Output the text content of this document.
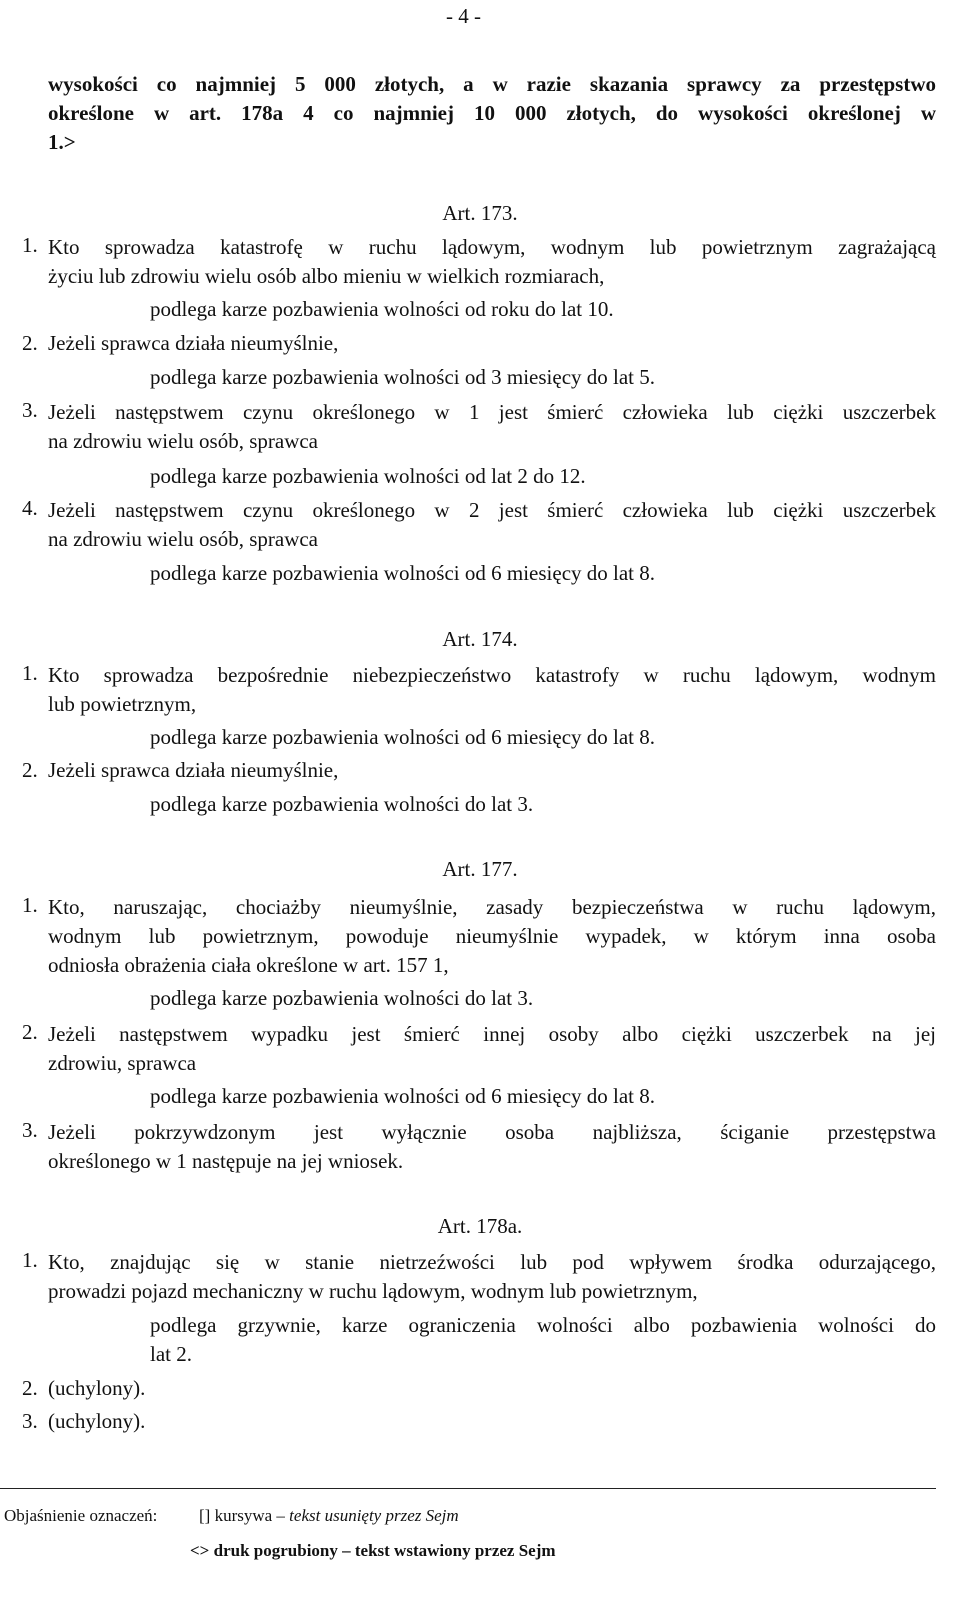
- 4 -
wysokości co najmniej 5 000 złotych, a w razie skazania sprawcy za przestępstwo
określone w art. 178a 4 co najmniej 10 000 złotych, do wysokości określonej w
1.>
Art. 173.
1. Kto sprowadza katastrofę w ruchu lądowym, wodnym lub powietrznym zagrażającą
życiu lub zdrowiu wielu osób albo mieniu w wielkich rozmiarach,
podlega karze pozbawienia wolności od roku do lat 10.
2. Jeżeli sprawca działa nieumyślnie,
podlega karze pozbawienia wolności od 3 miesięcy do lat 5.
3. Jeżeli następstwem czynu określonego w 1 jest śmierć człowieka lub ciężki uszczerbek
na zdrowiu wielu osób, sprawca
podlega karze pozbawienia wolności od lat 2 do 12.
4. Jeżeli następstwem czynu określonego w 2 jest śmierć człowieka lub ciężki uszczerbek
na zdrowiu wielu osób, sprawca
podlega karze pozbawienia wolności od 6 miesięcy do lat 8.
Art. 174.
1. Kto sprowadza bezpośrednie niebezpieczeństwo katastrofy w ruchu lądowym, wodnym
lub powietrznym,
podlega karze pozbawienia wolności od 6 miesięcy do lat 8.
2. Jeżeli sprawca działa nieumyślnie,
podlega karze pozbawienia wolności do lat 3.
Art. 177.
1. Kto, naruszając, chociażby nieumyślnie, zasady bezpieczeństwa w ruchu lądowym,
wodnym lub powietrznym, powoduje nieumyślnie wypadek, w którym inna osoba
odniosła obrażenia ciała określone w art. 157 1,
podlega karze pozbawienia wolności do lat 3.
2. Jeżeli następstwem wypadku jest śmierć innej osoby albo ciężki uszczerbek na jej
zdrowiu, sprawca
podlega karze pozbawienia wolności od 6 miesięcy do lat 8.
3. Jeżeli pokrzywdzonym jest wyłącznie osoba najbliższa, ściganie przestępstwa
określonego w 1 następuje na jej wniosek.
Art. 178a.
1. Kto, znajdując się w stanie nietrzeźwości lub pod wpływem środka odurzającego,
prowadzi pojazd mechaniczny w ruchu lądowym, wodnym lub powietrznym,
podlega grzywnie, karze ograniczenia wolności albo pozbawienia wolności do
lat 2.
2. (uchylony).
3. (uchylony).
Objaśnienie oznaczeń: [] kursywa – tekst usunięty przez Sejm
<> druk pogrubiony – tekst wstawiony przez Sejm
